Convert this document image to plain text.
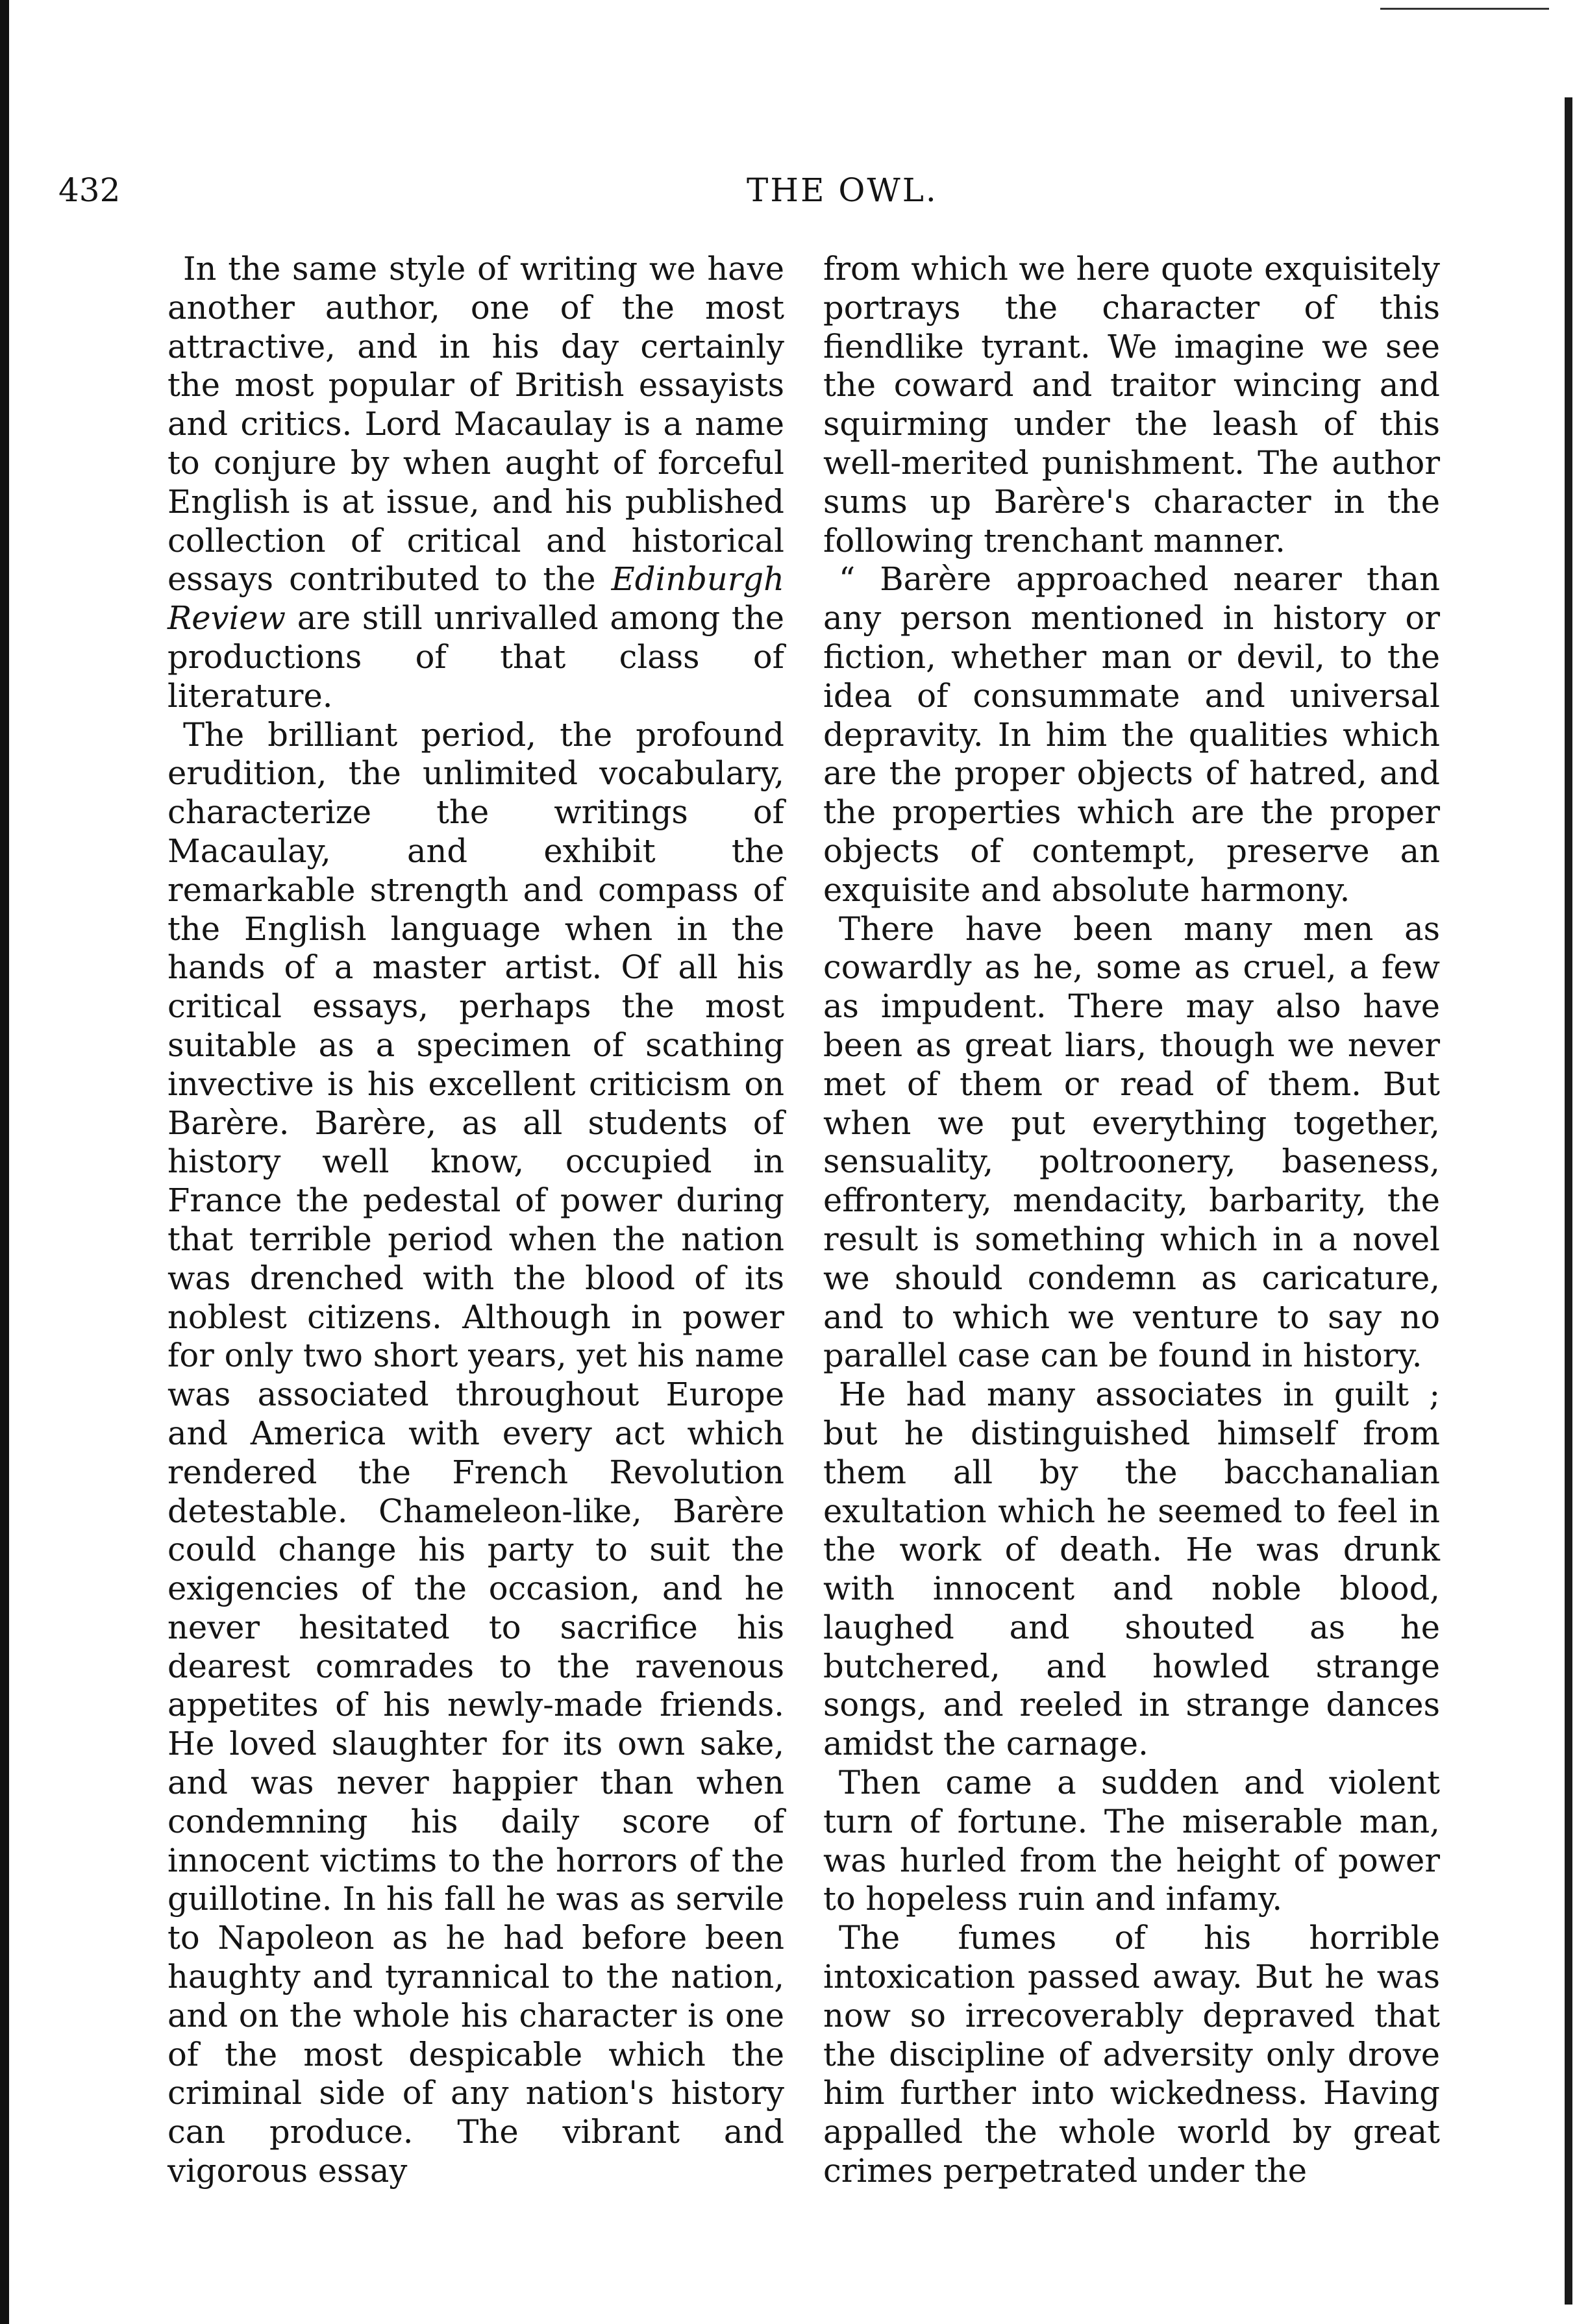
432	THE OWL.

In the same style of writing we have another author, one of the most attractive, and in his day certainly the most popular of British essayists and critics. Lord Macaulay is a name to conjure by when aught of forceful English is at issue, and his published collection of critical and historical essays contributed to the Edinburgh Review are still unrivalled among the productions of that class of literature.

The brilliant period, the profound erudition, the unlimited vocabulary, characterize the writings of Macaulay, and exhibit the remarkable strength and compass of the English language when in the hands of a master artist. Of all his critical essays, perhaps the most suitable as a specimen of scathing invective is his excellent criticism on Barère. Barère, as all students of history well know, occupied in France the pedestal of power during that terrible period when the nation was drenched with the blood of its noblest citizens. Although in power for only two short years, yet his name was associated throughout Europe and America with every act which rendered the French Revolution detestable. Chameleon-like, Barère could change his party to suit the exigencies of the occasion, and he never hesitated to sacrifice his dearest comrades to the ravenous appetites of his newly-made friends. He loved slaughter for its own sake, and was never happier than when condemning his daily score of innocent victims to the horrors of the guillotine. In his fall he was as servile to Napoleon as he had before been haughty and tyrannical to the nation, and on the whole his character is one of the most despicable which the criminal side of any nation's history can produce. The vibrant and vigorous essay

from which we here quote exquisitely portrays the character of this fiendlike tyrant. We imagine we see the coward and traitor wincing and squirming under the leash of this well-merited punishment. The author sums up Barère's character in the following trenchant manner.

“ Barère approached nearer than any person mentioned in history or fiction, whether man or devil, to the idea of consummate and universal depravity. In him the qualities which are the proper objects of hatred, and the properties which are the proper objects of contempt, preserve an exquisite and absolute harmony.

There have been many men as cowardly as he, some as cruel, a few as impudent. There may also have been as great liars, though we never met of them or read of them. But when we put everything together, sensuality, poltroonery, baseness, effrontery, mendacity, barbarity, the result is something which in a novel we should condemn as caricature, and to which we venture to say no parallel case can be found in history.

He had many associates in guilt ; but he distinguished himself from them all by the bacchanalian exultation which he seemed to feel in the work of death. He was drunk with innocent and noble blood, laughed and shouted as he butchered, and howled strange songs, and reeled in strange dances amidst the carnage.

Then came a sudden and violent turn of fortune. The miserable man, was hurled from the height of power to hopeless ruin and infamy.

The fumes of his horrible intoxication passed away. But he was now so irrecoverably depraved that the discipline of adversity only drove him further into wickedness. Having appalled the whole world by great crimes perpetrated under the
